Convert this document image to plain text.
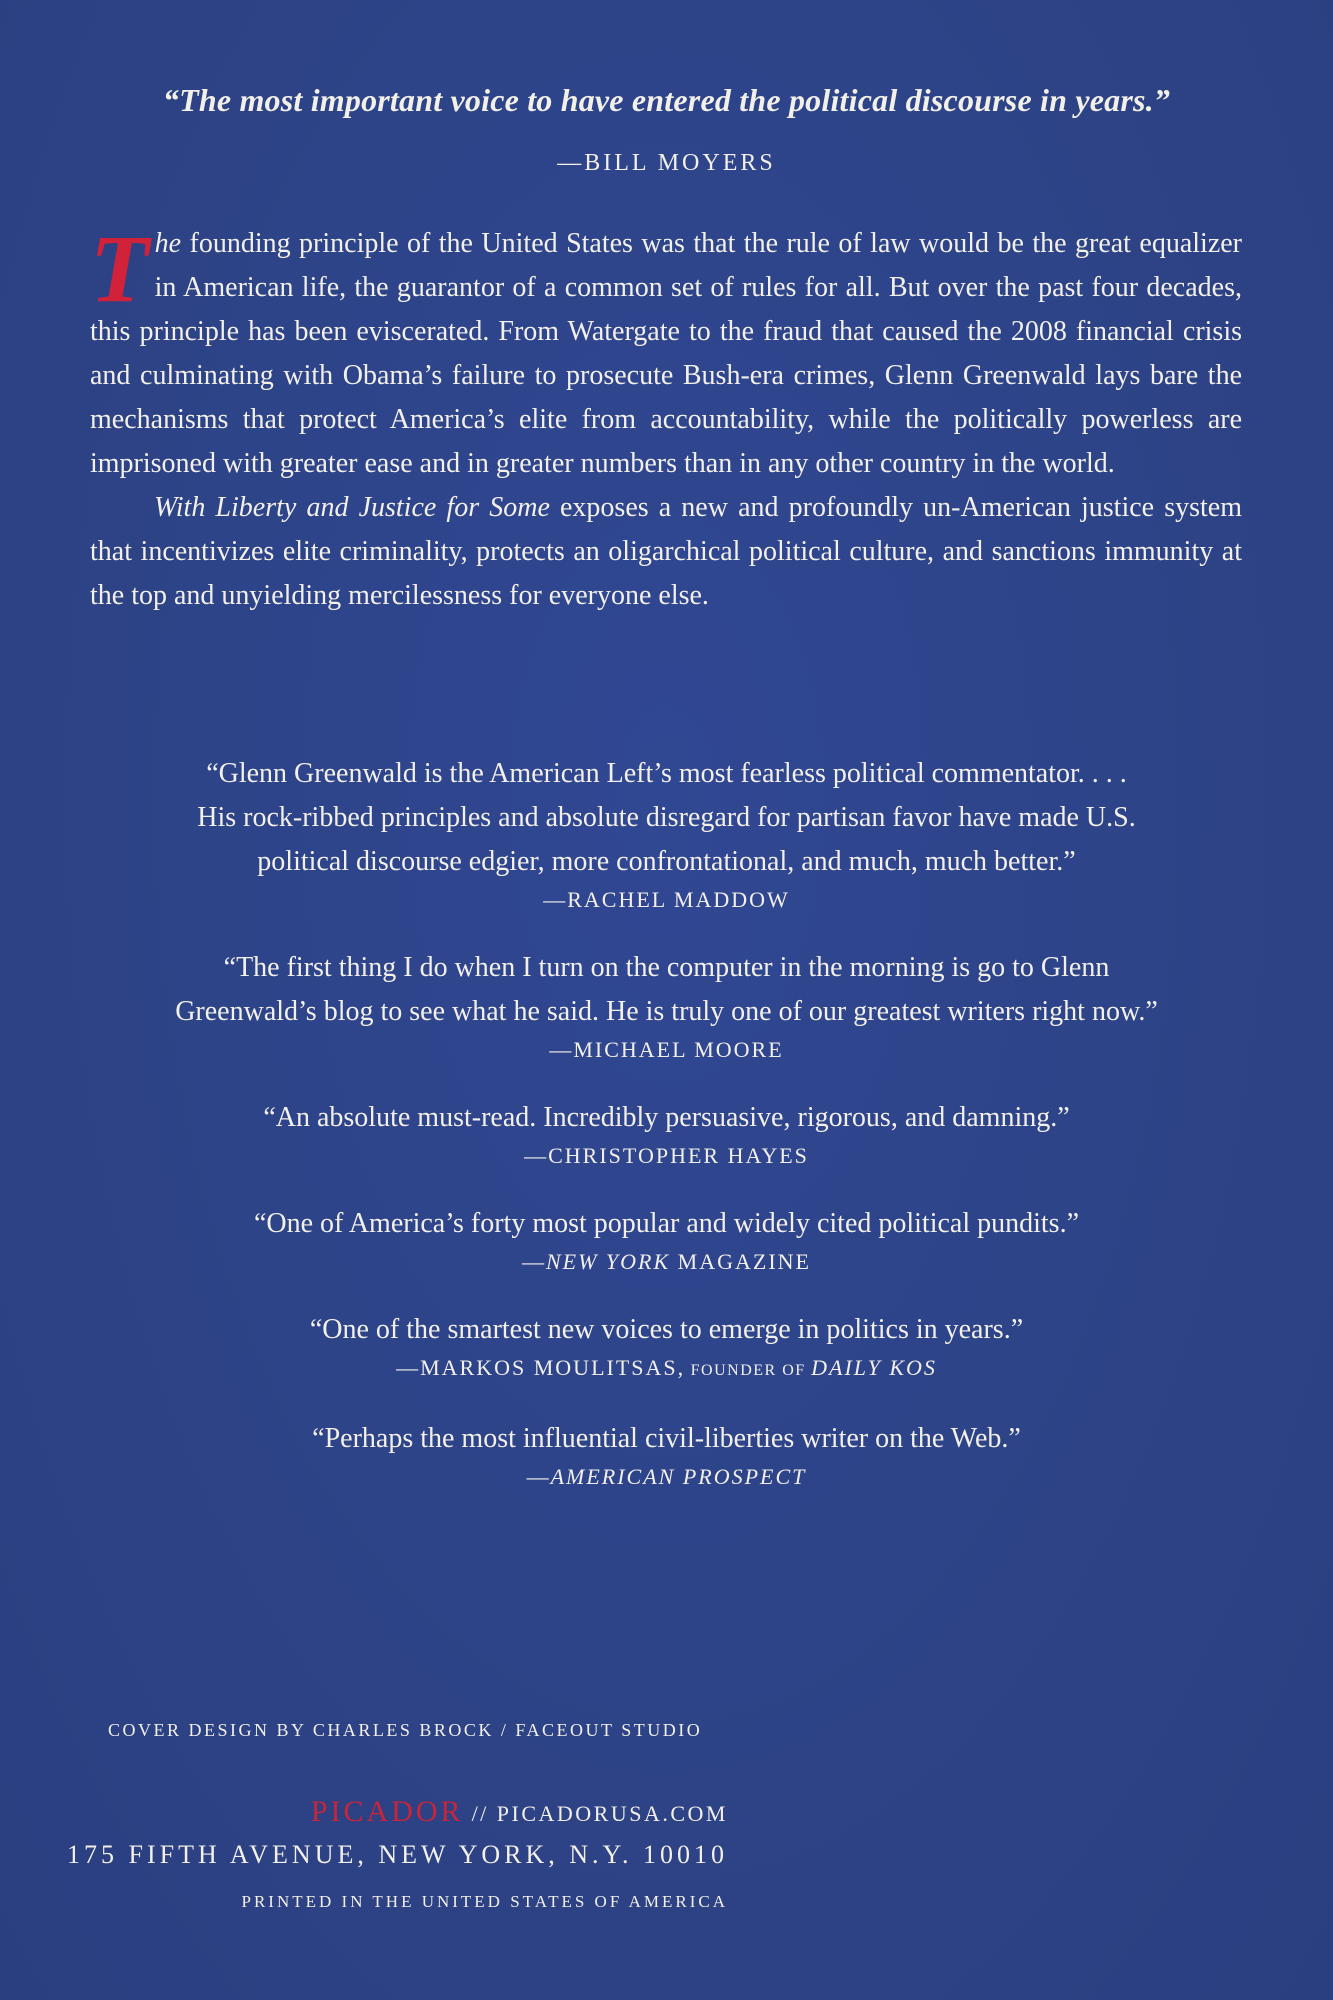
“The most important voice to have entered the political discourse in years.”
—BILL MOYERS

The founding principle of the United States was that the rule of law would be the great equalizer in American life, the guarantor of a common set of rules for all. But over the past four decades, this principle has been eviscerated. From Watergate to the fraud that caused the 2008 financial crisis and culminating with Obama’s failure to prosecute Bush-era crimes, Glenn Greenwald lays bare the mechanisms that protect America’s elite from accountability, while the politically powerless are imprisoned with greater ease and in greater numbers than in any other country in the world.

With Liberty and Justice for Some exposes a new and profoundly un-American justice system that incentivizes elite criminality, protects an oligarchical political culture, and sanctions immunity at the top and unyielding mercilessness for everyone else.

“Glenn Greenwald is the American Left’s most fearless political commentator. . . .
His rock-ribbed principles and absolute disregard for partisan favor have made U.S.
political discourse edgier, more confrontational, and much, much better.”
—RACHEL MADDOW
“The first thing I do when I turn on the computer in the morning is go to Glenn
Greenwald’s blog to see what he said. He is truly one of our greatest writers right now.”
—MICHAEL MOORE
“An absolute must-read. Incredibly persuasive, rigorous, and damning.”
—CHRISTOPHER HAYES
“One of America’s forty most popular and widely cited political pundits.”
—NEW YORK MAGAZINE
“One of the smartest new voices to emerge in politics in years.”
—MARKOS MOULITSAS, FOUNDER OF DAILY KOS
“Perhaps the most influential civil-liberties writer on the Web.”
—AMERICAN PROSPECT
COVER DESIGN BY CHARLES BROCK / FACEOUT STUDIO
PICADOR // PICADORUSA.COM
175 FIFTH AVENUE, NEW YORK, N.Y. 10010
PRINTED IN THE UNITED STATES OF AMERICA
